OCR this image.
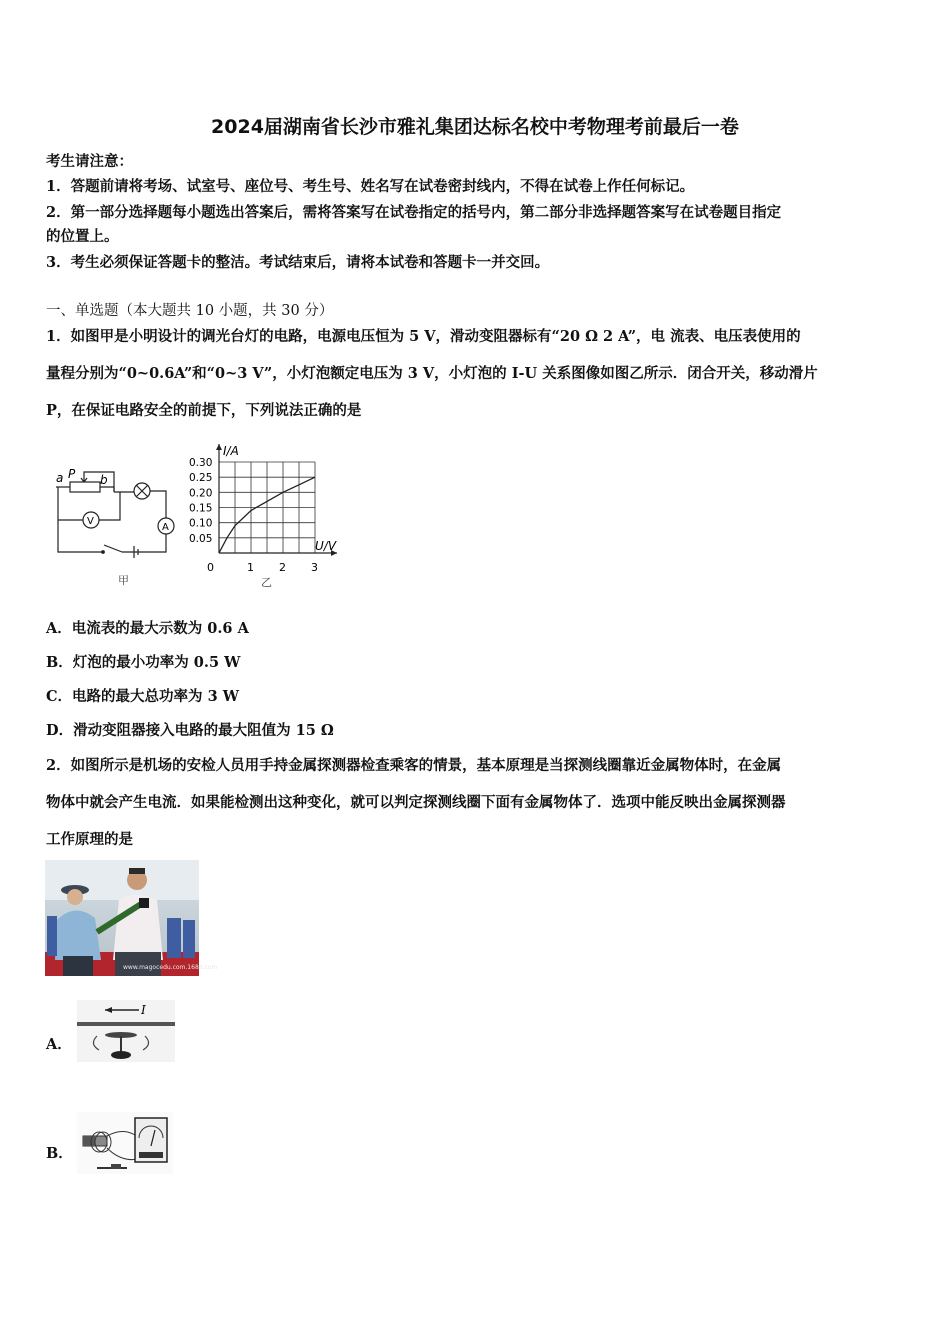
2024届湖南省长沙市雅礼集团达标名校中考物理考前最后一卷
考生请注意：
1．答题前请将考场、试室号、座位号、考生号、姓名写在试卷密封线内，不得在试卷上作任何标记。
2．第一部分选择题每小题选出答案后，需将答案写在试卷指定的括号内，第二部分非选择题答案写在试卷题目指定
的位置上。
3．考生必须保证答题卡的整洁。考试结束后，请将本试卷和答题卡一并交回。
一、单选题（本大题共 10 小题，共 30 分）
1．如图甲是小明设计的调光台灯的电路，电源电压恒为 5 V，滑动变阻器标有“20 Ω 2 A”，电 流表、电压表使用的
量程分别为“0~0.6A”和“0~3 V”，小灯泡额定电压为 3 V，小灯泡的 I-U 关系图像如图乙所示．闭合开关，移动滑片
P，在保证电路安全的前提下，下列说法正确的是
a P b
V
A
甲
0	1 2 3
0.05
0.10
0.15
0.20
0.25
0.30
I/A
U/V
乙
A．电流表的最大示数为 0.6 A
B．灯泡的最小功率为 0.5 W
C．电路的最大总功率为 3 W
D．滑动变阻器接入电路的最大阻值为 15 Ω
2．如图所示是机场的安检人员用手持金属探测器检查乘客的情景，基本原理是当探测线圈靠近金属物体时，在金属
物体中就会产生电流．如果能检测出这种变化，就可以判定探测线圈下面有金属物体了．选项中能反映出金属探测器
工作原理的是
www.magocedu.com.1688.com
A．
I
B．
